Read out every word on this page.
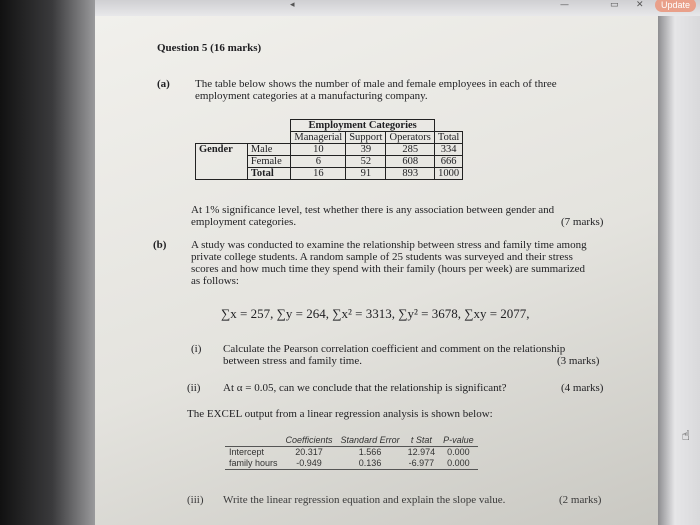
◂	—	▭ ✕	Update
Question 5 (16 marks)
(a) The table below shows the number of male and female employees in each of three
employment categories at a manufacturing company.
		Employment Categories			
		Managerial	Support	Operators	Total
Gender	Male	10	39	285	334
	Female	6	52	608	666
	Total	16	91	893	1000
At 1% significance level, test whether there is any association between gender and
employment categories.	(7 marks)
(b) A study was conducted to examine the relationship between stress and family time among
private college students. A random sample of 25 students was surveyed and their stress
scores and how much time they spend with their family (hours per week) are summarized
as follows:
∑x = 257, ∑y = 264, ∑x² = 3313, ∑y² = 3678, ∑xy = 2077,
(i) Calculate the Pearson correlation coefficient and comment on the relationship
between stress and family time.	(3 marks)
(ii) At α = 0.05, can we conclude that the relationship is significant?	(4 marks)
The EXCEL output from a linear regression analysis is shown below:
	Coefficients	Standard Error	t Stat	P-value
Intercept	20.317	1.566	12.974	0.000
family hours	-0.949	0.136	-6.977	0.000
(iii) Write the linear regression equation and explain the slope value.	(2 marks)
☝
